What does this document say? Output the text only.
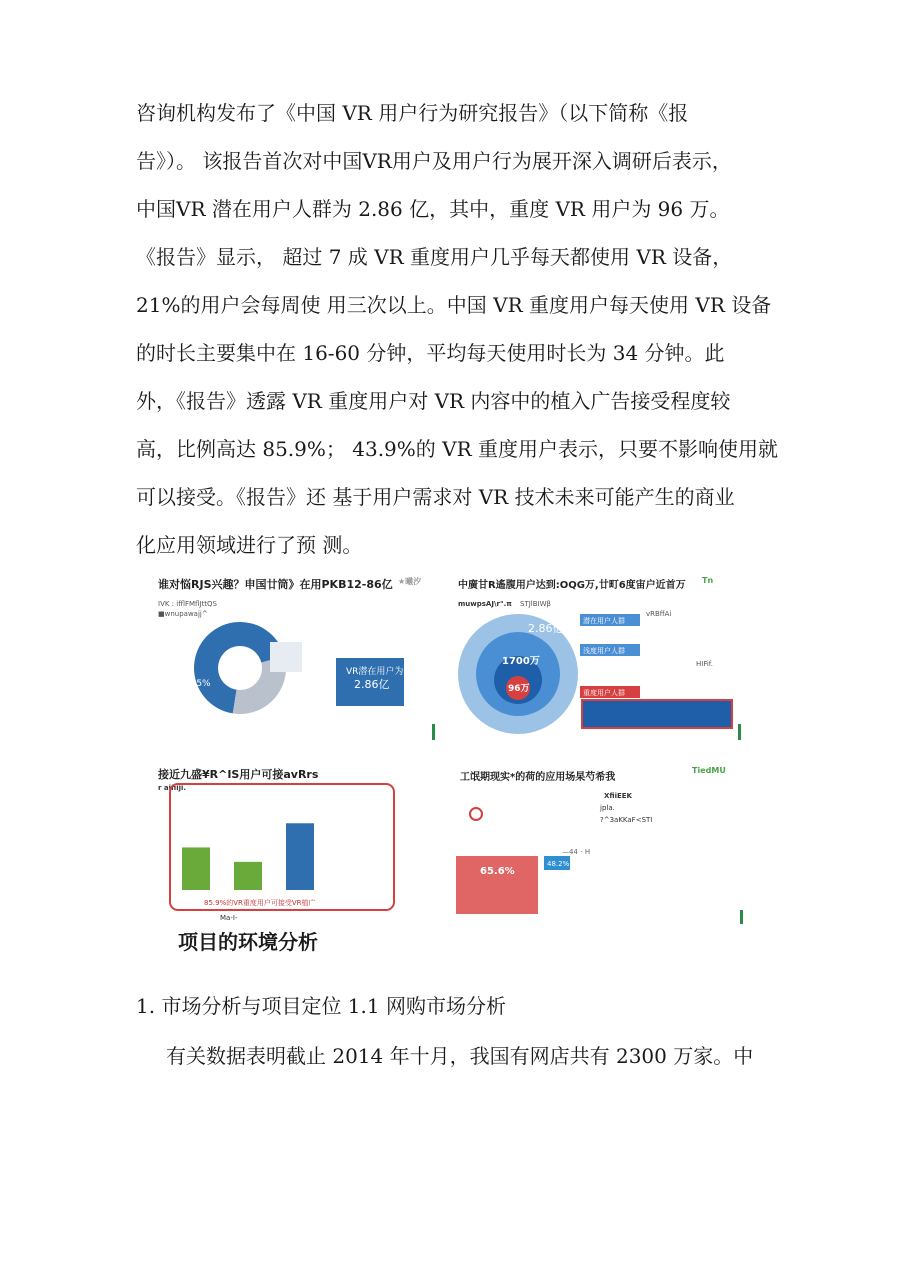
咨询机构发布了《中国 VR 用户行为研究报告》（以下简称《报
告》）。 该报告首次对中国VR用户及用户行为展开深入调研后表示，
中国VR 潜在用户人群为 2.86 亿，其中，重度 VR 用户为 96 万。
《报告》显示， 超过 7 成 VR 重度用户几乎每天都使用 VR 设备，
21%的用户会每周使 用三次以上。中国 VR 重度用户每天使用 VR 设备
的时长主要集中在 16-60 分钟，平均每天使用时长为 34 分钟。此
外，《报告》透露 VR 重度用户对 VR 内容中的植入广告接受程度较
高，比例高达 85.9%； 43.9%的 VR 重度用户表示，只要不影响使用就
可以接受。《报告》还 基于用户需求对 VR 技术未来可能产生的商业
化应用领域进行了预 测。
谁对悩RJS兴趣？申国廿筒》在用PKB12-86亿 ★曦汐
IVK : ifflFMflJttQS
■wnupawajj^
68.5%
31.5%
VR潜在用户为
2.86亿
中廣甘R遙腹用户达到:OQG万,廿町6度宙户近首万 Tn
muwpsAJ\r".π STJlBIWβ
2.86亿
1700万
96万
潜在用户人群
浅度用户人群
重度用户人群
vRBffAi
HIFif.
接近九盛¥R^IS用户可接avRrs
r aifiiji.
85.9%的VR重度用户可接受VR植广
Ma-I-
工氓期现实*的荷的应用场杲芍希我
TiedMU
XfiiEEK
jpla.
?^3aKKaF<STI
—44 - H
65.6%
48.2%
项目的环境分析
1. 市场分析与项目定位 1.1 网购市场分析
有关数据表明截止 2014 年十月，我国有网店共有 2300 万家。中
